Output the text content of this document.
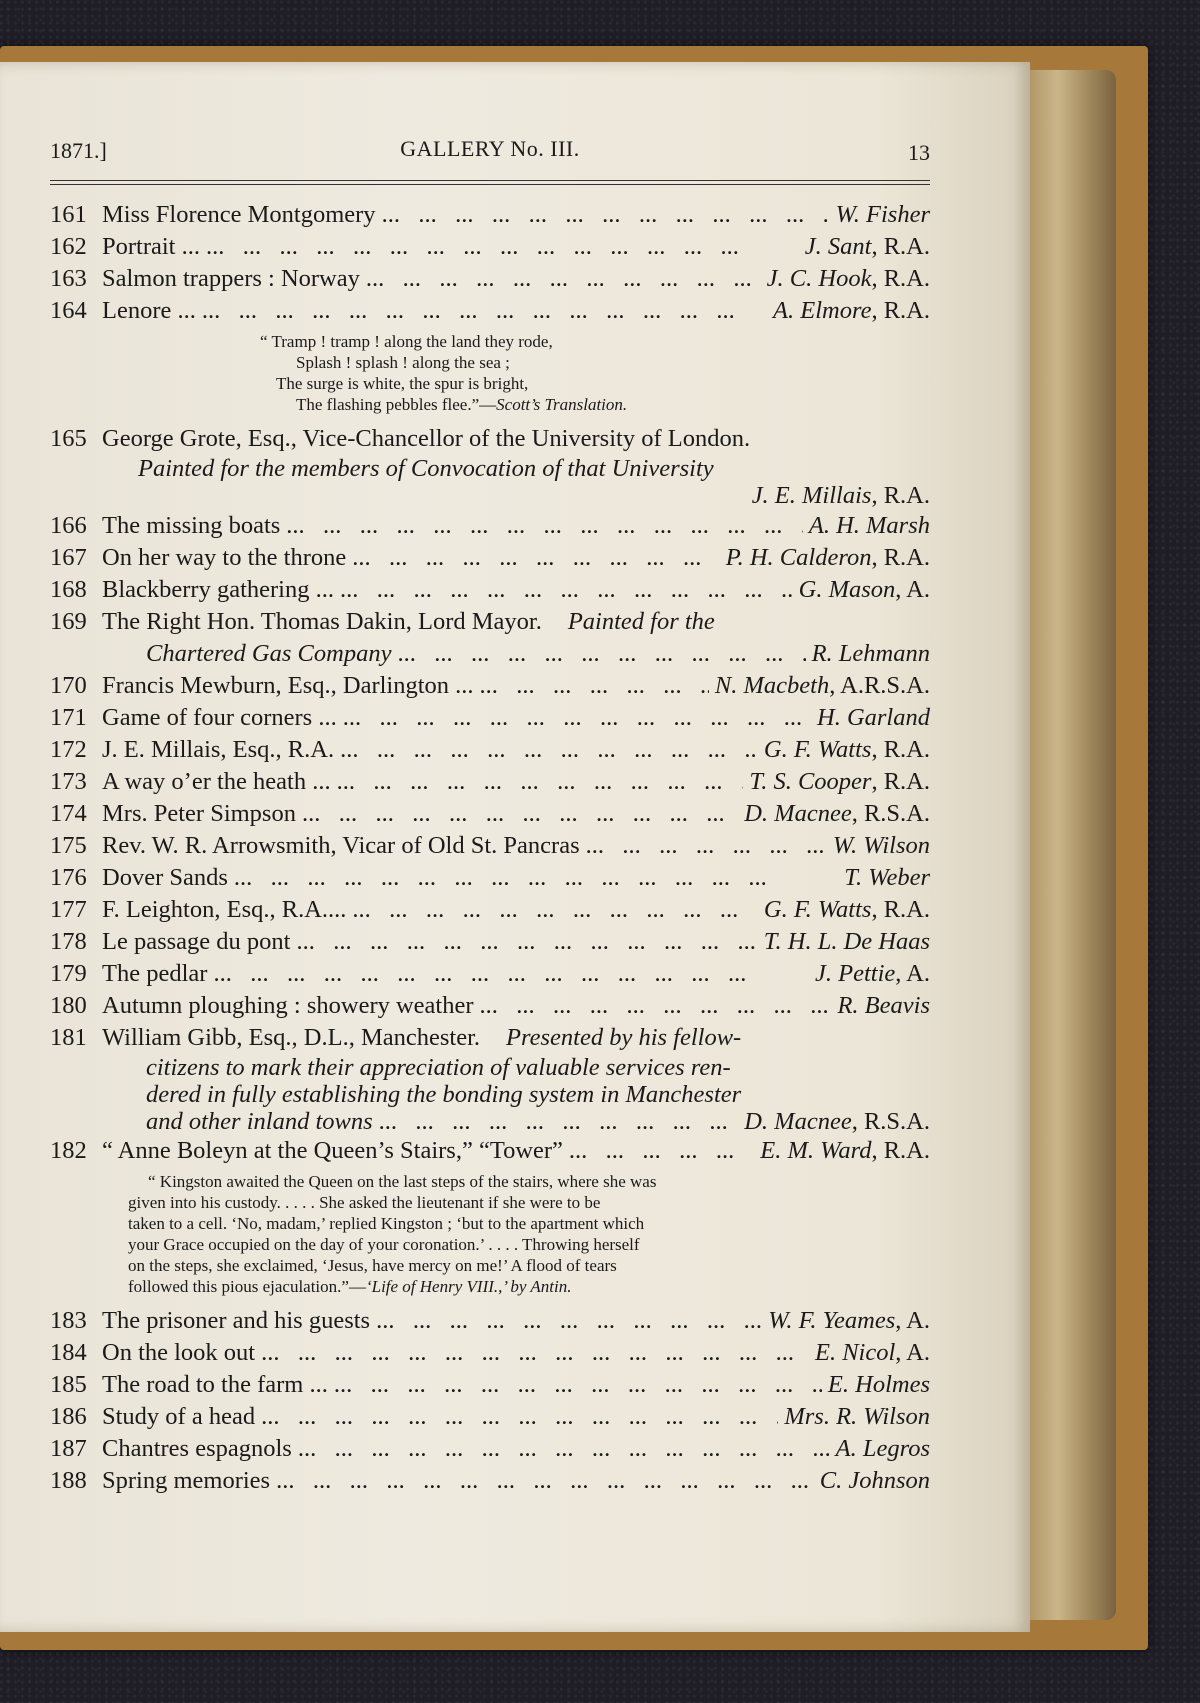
1871.]	GALLERY No. III.	13
161 Miss Florence Montgomery ...	W. Fisher
162 Portrait ... ...	J. Sant, R.A.
163 Salmon trappers : Norway ...	J. C. Hook, R.A.
164 Lenore ... ...	A. Elmore, R.A.
“ Tramp ! tramp ! along the land they rode,
Splash ! splash ! along the sea ;
The surge is white, the spur is bright,
The flashing pebbles flee.”—Scott’s Translation.
165 George Grote, Esq., Vice-Chancellor of the University of London.
Painted for the members of Convocation of that University
J. E. Millais, R.A.
166 The missing boats ...	A. H. Marsh
167 On her way to the throne ...	P. H. Calderon, R.A.
168 Blackberry gathering ... ...	G. Mason, A.
169 The Right Hon. Thomas Dakin, Lord Mayor. Painted for the
Chartered Gas Company ...	R. Lehmann
170 Francis Mewburn, Esq., Darlington ... ...	N. Macbeth, A.R.S.A.
171 Game of four corners ... ...	H. Garland
172 J. E. Millais, Esq., R.A. ...	G. F. Watts, R.A.
173 A way o’er the heath ... ...	T. S. Cooper, R.A.
174 Mrs. Peter Simpson ...	D. Macnee, R.S.A.
175 Rev. W. R. Arrowsmith, Vicar of Old St. Pancras ...	W. Wilson
176 Dover Sands ...	T. Weber
177 F. Leighton, Esq., R.A.... ...	G. F. Watts, R.A.
178 Le passage du pont ...	T. H. L. De Haas
179 The pedlar ...	J. Pettie, A.
180 Autumn ploughing : showery weather ...	R. Beavis
181 William Gibb, Esq., D.L., Manchester. Presented by his fellow-
citizens to mark their appreciation of valuable services ren-
dered in fully establishing the bonding system in Manchester
and other inland towns ...	D. Macnee, R.S.A.
182 “ Anne Boleyn at the Queen’s Stairs,” “Tower” ...	E. M. Ward, R.A.
“ Kingston awaited the Queen on the last steps of the stairs, where she was
given into his custody. . . . . She asked the lieutenant if she were to be
taken to a cell. ‘No, madam,’ replied Kingston ; ‘but to the apartment which
your Grace occupied on the day of your coronation.’ . . . . Throwing herself
on the steps, she exclaimed, ‘Jesus, have mercy on me!’ A flood of tears
followed this pious ejaculation.”—‘Life of Henry VIII.,’ by Antin.
183 The prisoner and his guests ...	W. F. Yeames, A.
184 On the look out ...	E. Nicol, A.
185 The road to the farm ... ...	E. Holmes
186 Study of a head ...	Mrs. R. Wilson
187 Chantres espagnols ...	A. Legros
188 Spring memories ...	C. Johnson
